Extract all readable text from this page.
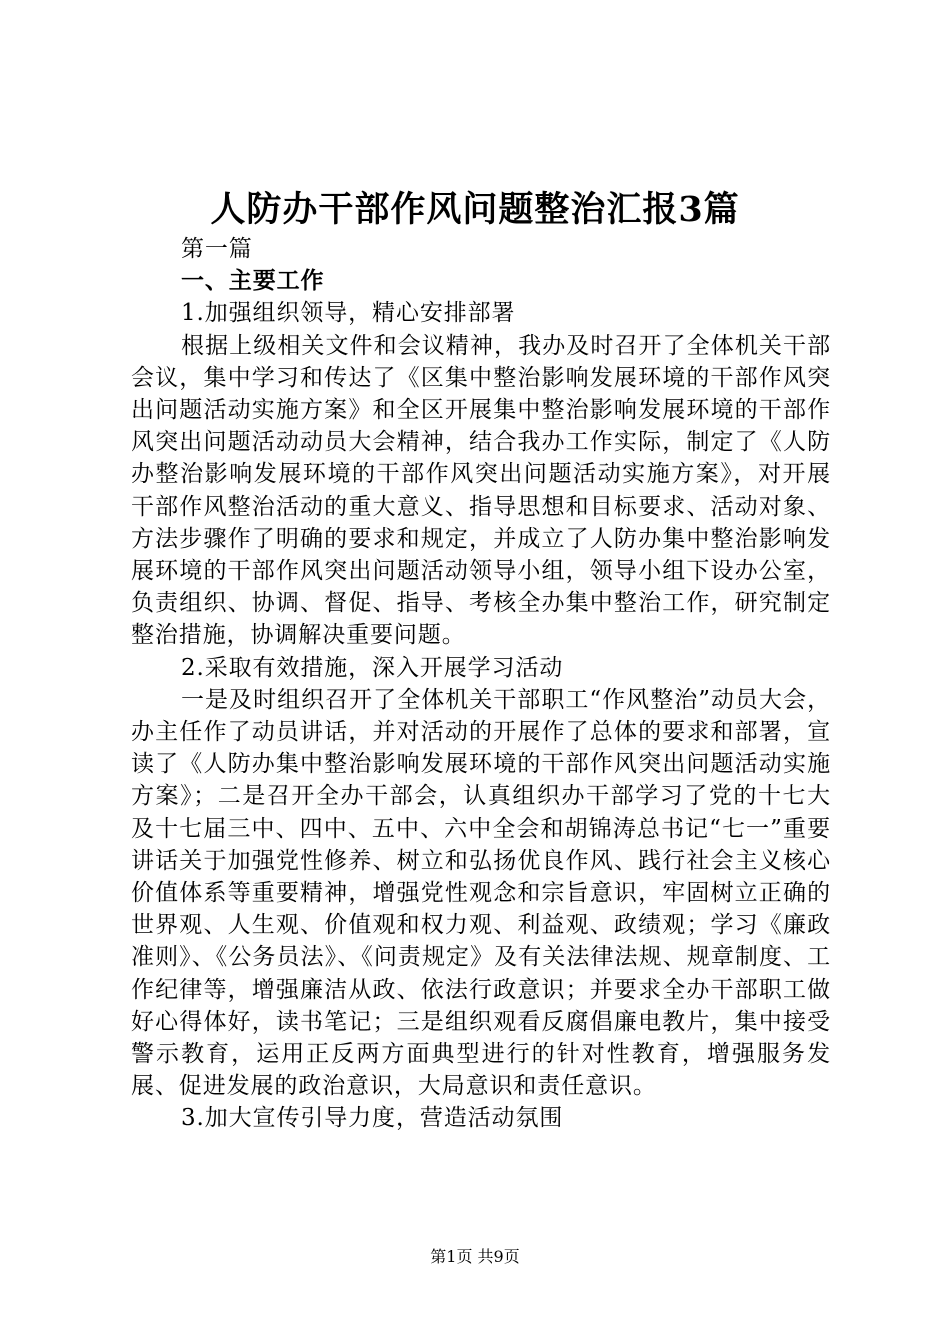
人防办干部作风问题整治汇报3篇

第一篇

一、主要工作

1.加强组织领导，精心安排部署

根据上级相关文件和会议精神，我办及时召开了全体机关干部会议，集中学习和传达了《区集中整治影响发展环境的干部作风突出问题活动实施方案》和全区开展集中整治影响发展环境的干部作风突出问题活动动员大会精神，结合我办工作实际，制定了《人防办整治影响发展环境的干部作风突出问题活动实施方案》，对开展干部作风整治活动的重大意义、指导思想和目标要求、活动对象、方法步骤作了明确的要求和规定，并成立了人防办集中整治影响发展环境的干部作风突出问题活动领导小组，领导小组下设办公室，负责组织、协调、督促、指导、考核全办集中整治工作，研究制定整治措施，协调解决重要问题。

2.采取有效措施，深入开展学习活动

一是及时组织召开了全体机关干部职工“作风整治”动员大会，办主任作了动员讲话，并对活动的开展作了总体的要求和部署，宣读了《人防办集中整治影响发展环境的干部作风突出问题活动实施方案》；二是召开全办干部会，认真组织办干部学习了党的十七大及十七届三中、四中、五中、六中全会和胡锦涛总书记“七一”重要讲话关于加强党性修养、树立和弘扬优良作风、践行社会主义核心价值体系等重要精神，增强党性观念和宗旨意识，牢固树立正确的世界观、人生观、价值观和权力观、利益观、政绩观；学习《廉政准则》、《公务员法》、《问责规定》及有关法律法规、规章制度、工作纪律等，增强廉洁从政、依法行政意识；并要求全办干部职工做好心得体好，读书笔记；三是组织观看反腐倡廉电教片，集中接受警示教育，运用正反两方面典型进行的针对性教育，增强服务发展、促进发展的政治意识，大局意识和责任意识。

3.加大宣传引导力度，营造活动氛围

第1页 共9页
